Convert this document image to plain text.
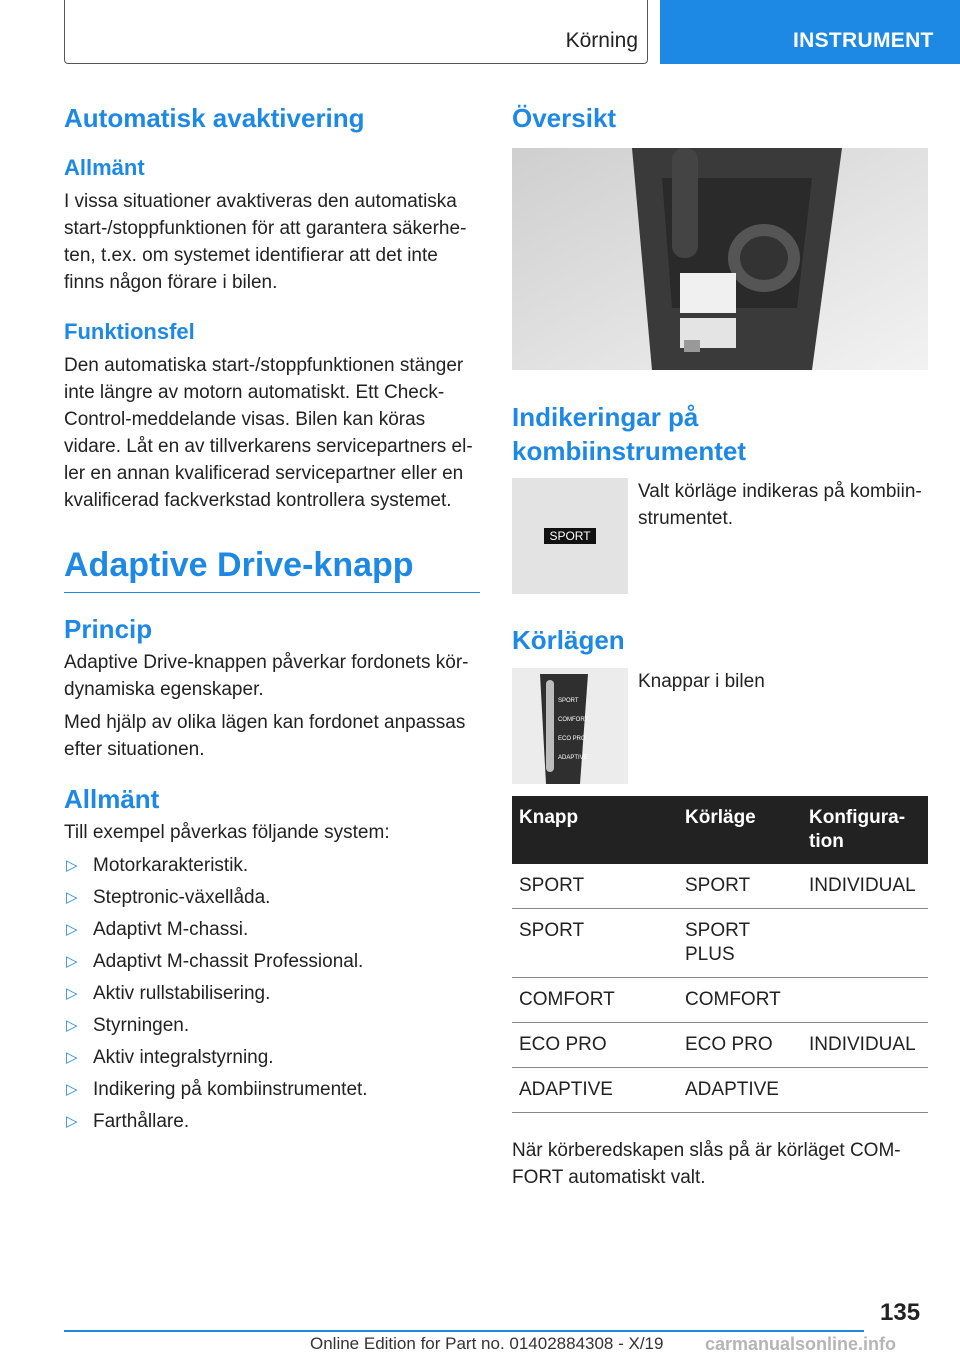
Körning	INSTRUMENT
Automatisk avaktivering
Allmänt

I vissa situationer avaktiveras den automatiska start-/stoppfunktionen för att garantera säkerheten, t.ex. om systemet identifierar att det inte finns någon förare i bilen.

Funktionsfel

Den automatiska start-/stoppfunktionen stänger inte längre av motorn automatiskt. Ett Check-Control-meddelande visas. Bilen kan köras vidare. Låt en av tillverkarens servicepartners eller en annan kvalificerad servicepartner eller en kvalificerad fackverkstad kontrollera systemet.

Adaptive Drive-knapp
Princip

Adaptive Drive-knappen påverkar fordonets kördynamiska egenskaper.

Med hjälp av olika lägen kan fordonet anpassas efter situationen.

Allmänt

Till exempel påverkas följande system:

▷ Motorkarakteristik.
▷ Steptronic-växellåda.
▷ Adaptivt M-chassi.
▷ Adaptivt M-chassit Professional.
▷ Aktiv rullstabilisering.
▷ Styrningen.
▷ Aktiv integralstyrning.
▷ Indikering på kombiinstrumentet.
▷ Farthållare.
Översikt
Indikeringar på kombiinstrumentet
SPORT

Valt körläge indikeras på kombiinstrumentet.

Körlägen
SPORT
COMFORT
ECO PRO
ADAPTIVE

Knappar i bilen

Knapp	Körläge	Konfiguration
SPORT	SPORT	INDIVIDUAL
SPORT	SPORT PLUS	
COMFORT	COMFORT	
ECO PRO	ECO PRO	INDIVIDUAL
ADAPTIVE	ADAPTIVE	

När körberedskapen slås på är körläget COMFORT automatiskt valt.

135
Online Edition for Part no. 01402884308 - X/19 carmanualsonline.info
